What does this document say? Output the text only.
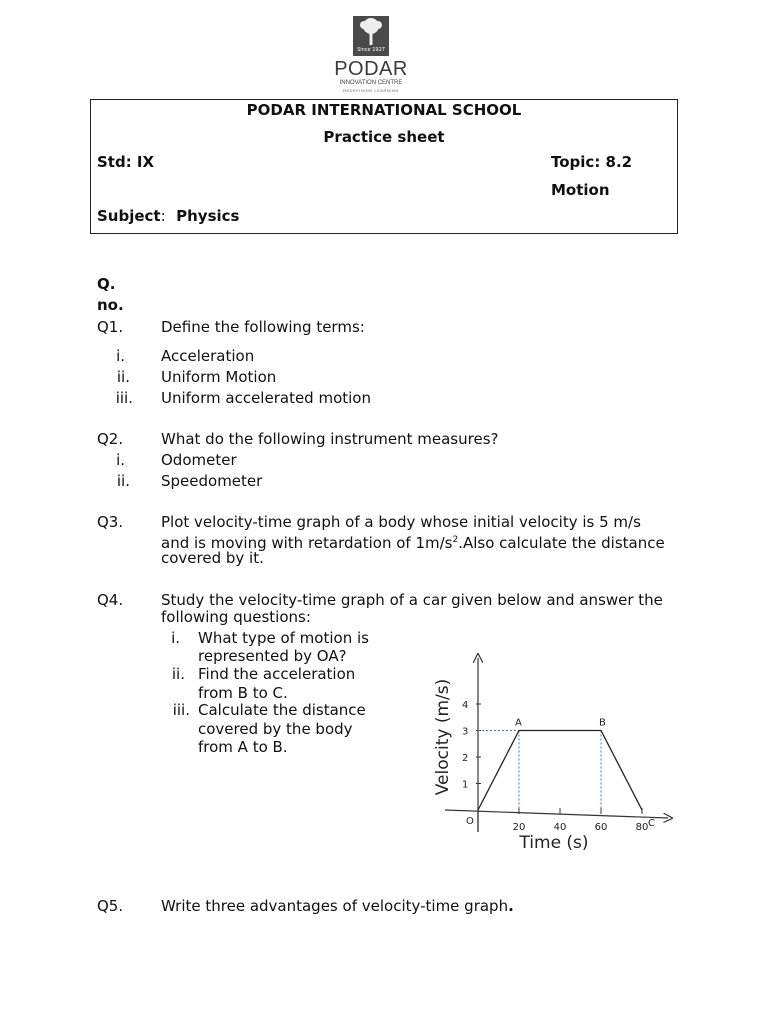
Since 1927
PODAR
INNOVATION CENTRE
REDEFINING LEARNING
PODAR INTERNATIONAL SCHOOL
Practice sheet
Std: IX	Topic: 8.2
Motion
Subject: Physics
Q.
no.
Q1.	Define the following terms:
i. Acceleration
ii. Uniform Motion
iii. Uniform accelerated motion
Q2.	What do the following instrument measures?
i. Odometer
ii. Speedometer
Q3.	Plot velocity-time graph of a body whose initial velocity is 5 m/s
and is moving with retardation of $1m/s^2.Also$ calculate the distance
covered by it.
Q4.	Study the velocity-time graph of a car given below and answer the
following questions:
i. What type of motion is
represented by OA?
ii. Find the acceleration
from B to C.
iii. Calculate the distance
covered by the body
from A to B.
1
2
3
4
20	40	60	80
O
A	B
C
Velocity (m/s)
Time (s)
Q5.	Write three advantages of velocity-time graph.
